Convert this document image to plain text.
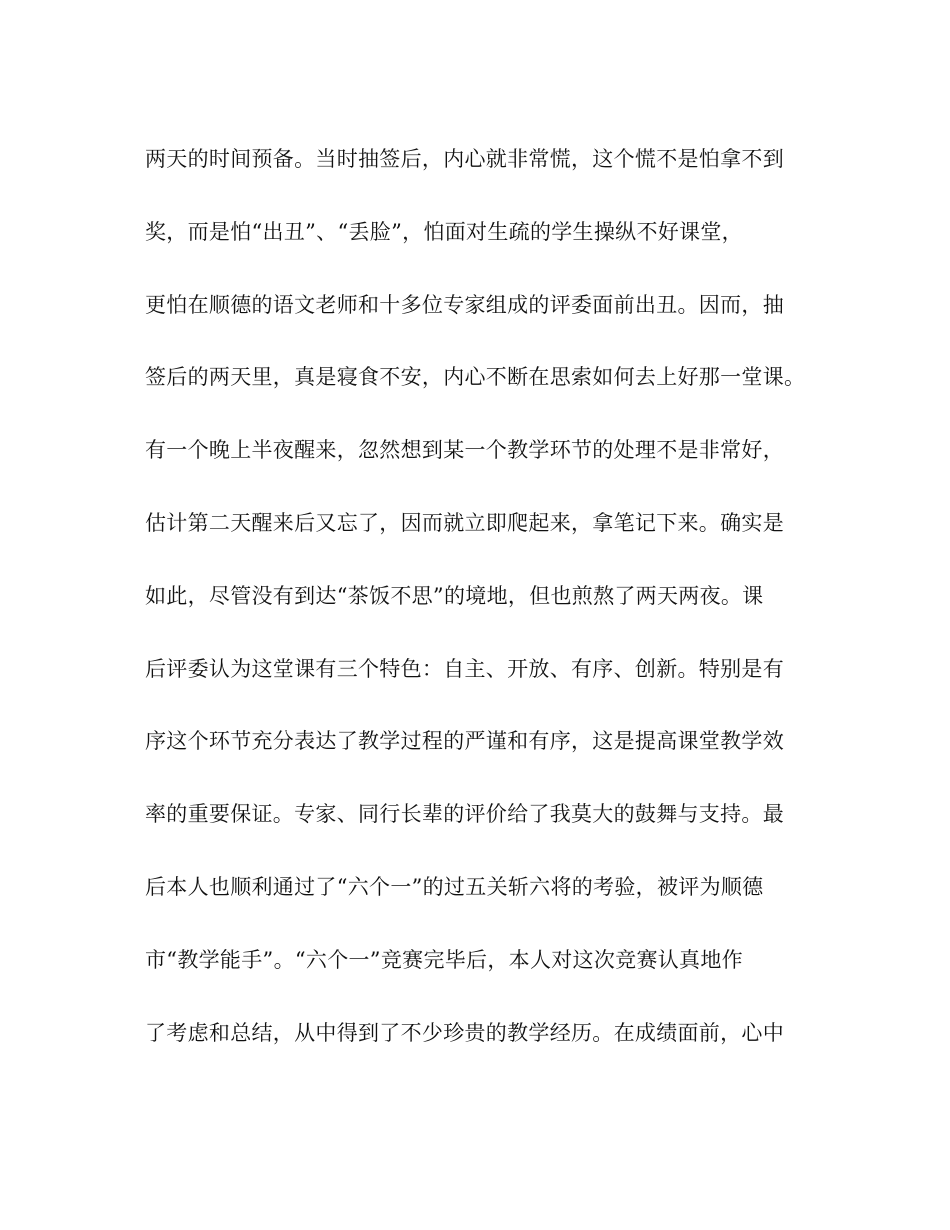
两天的时间预备。当时抽签后，内心就非常慌，这个慌不是怕拿不到
奖，而是怕“出丑”、“丢脸”，怕面对生疏的学生操纵不好课堂，
更怕在顺德的语文老师和十多位专家组成的评委面前出丑。因而，抽
签后的两天里，真是寝食不安，内心不断在思索如何去上好那一堂课。
有一个晚上半夜醒来，忽然想到某一个教学环节的处理不是非常好，
估计第二天醒来后又忘了，因而就立即爬起来，拿笔记下来。确实是
如此，尽管没有到达“茶饭不思”的境地，但也煎熬了两天两夜。课
后评委认为这堂课有三个特色：自主、开放、有序、创新。特别是有
序这个环节充分表达了教学过程的严谨和有序，这是提高课堂教学效
率的重要保证。专家、同行长辈的评价给了我莫大的鼓舞与支持。最
后本人也顺利通过了“六个一”的过五关斩六将的考验，被评为顺德
市“教学能手”。“六个一”竞赛完毕后，本人对这次竞赛认真地作
了考虑和总结，从中得到了不少珍贵的教学经历。在成绩面前，心中
